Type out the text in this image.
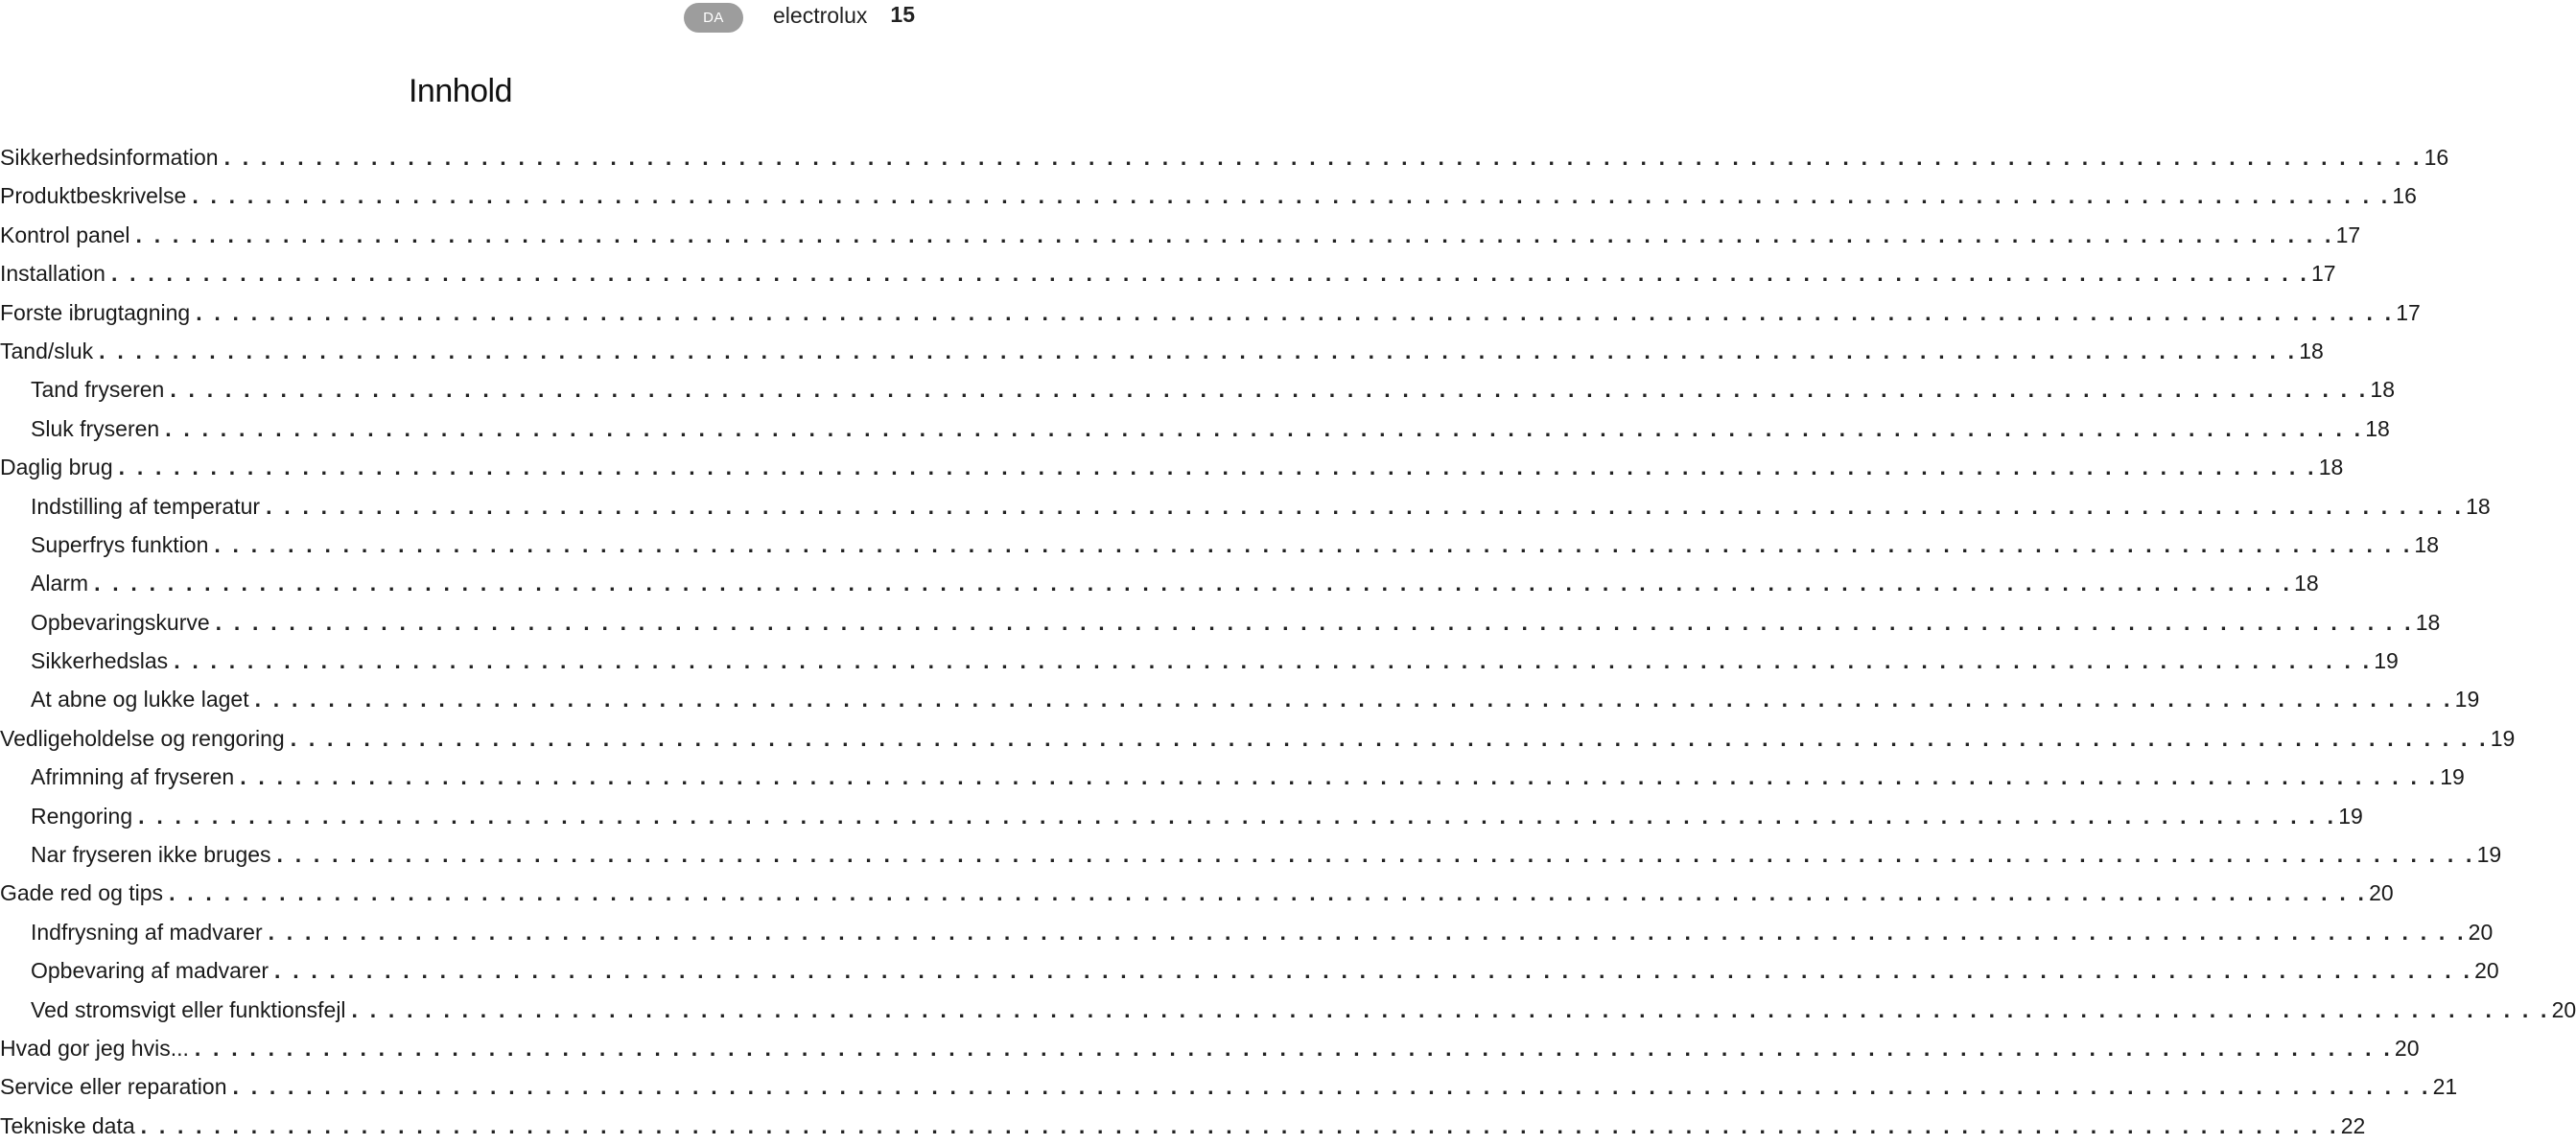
DA	electrolux 15
Innhold
Sikkerhedsinformation . . . . . . . . . . . . . . . . . . . . . . . . . . . . . . . . . . . . . . . . . . . . . . . . . . . . . . . . . . . . . . . . . . . . . . . . . . . . . . . . . . . . . . . . . . . . . . . . . . . . . . . . . . . . . . . . . . . . . . . . 16
Produktbeskrivelse . . . . . . . . . . . . . . . . . . . . . . . . . . . . . . . . . . . . . . . . . . . . . . . . . . . . . . . . . . . . . . . . . . . . . . . . . . . . . . . . . . . . . . . . . . . . . . . . . . . . . . . . . . . . . . . . . . . . . . . . 16
Kontrol panel . . . . . . . . . . . . . . . . . . . . . . . . . . . . . . . . . . . . . . . . . . . . . . . . . . . . . . . . . . . . . . . . . . . . . . . . . . . . . . . . . . . . . . . . . . . . . . . . . . . . . . . . . . . . . . . . . . . . . . . . 17
Installation . . . . . . . . . . . . . . . . . . . . . . . . . . . . . . . . . . . . . . . . . . . . . . . . . . . . . . . . . . . . . . . . . . . . . . . . . . . . . . . . . . . . . . . . . . . . . . . . . . . . . . . . . . . . . . . . . . . . . . . . 17
Forste ibrugtagning . . . . . . . . . . . . . . . . . . . . . . . . . . . . . . . . . . . . . . . . . . . . . . . . . . . . . . . . . . . . . . . . . . . . . . . . . . . . . . . . . . . . . . . . . . . . . . . . . . . . . . . . . . . . . . . . . . . . . . . . 17
Tand/sluk . . . . . . . . . . . . . . . . . . . . . . . . . . . . . . . . . . . . . . . . . . . . . . . . . . . . . . . . . . . . . . . . . . . . . . . . . . . . . . . . . . . . . . . . . . . . . . . . . . . . . . . . . . . . . . . . . . . . . . . . 18
Tand fryseren . . . . . . . . . . . . . . . . . . . . . . . . . . . . . . . . . . . . . . . . . . . . . . . . . . . . . . . . . . . . . . . . . . . . . . . . . . . . . . . . . . . . . . . . . . . . . . . . . . . . . . . . . . . . . . . . . . . . . . . . 18
Sluk fryseren . . . . . . . . . . . . . . . . . . . . . . . . . . . . . . . . . . . . . . . . . . . . . . . . . . . . . . . . . . . . . . . . . . . . . . . . . . . . . . . . . . . . . . . . . . . . . . . . . . . . . . . . . . . . . . . . . . . . . . . . 18
Daglig brug . . . . . . . . . . . . . . . . . . . . . . . . . . . . . . . . . . . . . . . . . . . . . . . . . . . . . . . . . . . . . . . . . . . . . . . . . . . . . . . . . . . . . . . . . . . . . . . . . . . . . . . . . . . . . . . . . . . . . . . . 18
Indstilling af temperatur . . . . . . . . . . . . . . . . . . . . . . . . . . . . . . . . . . . . . . . . . . . . . . . . . . . . . . . . . . . . . . . . . . . . . . . . . . . . . . . . . . . . . . . . . . . . . . . . . . . . . . . . . . . . . . . . . . . . . . . . 18
Superfrys funktion . . . . . . . . . . . . . . . . . . . . . . . . . . . . . . . . . . . . . . . . . . . . . . . . . . . . . . . . . . . . . . . . . . . . . . . . . . . . . . . . . . . . . . . . . . . . . . . . . . . . . . . . . . . . . . . . . . . . . . . . 18
Alarm . . . . . . . . . . . . . . . . . . . . . . . . . . . . . . . . . . . . . . . . . . . . . . . . . . . . . . . . . . . . . . . . . . . . . . . . . . . . . . . . . . . . . . . . . . . . . . . . . . . . . . . . . . . . . . . . . . . . . . . . 18
Opbevaringskurve . . . . . . . . . . . . . . . . . . . . . . . . . . . . . . . . . . . . . . . . . . . . . . . . . . . . . . . . . . . . . . . . . . . . . . . . . . . . . . . . . . . . . . . . . . . . . . . . . . . . . . . . . . . . . . . . . . . . . . . . 18
Sikkerhedslas . . . . . . . . . . . . . . . . . . . . . . . . . . . . . . . . . . . . . . . . . . . . . . . . . . . . . . . . . . . . . . . . . . . . . . . . . . . . . . . . . . . . . . . . . . . . . . . . . . . . . . . . . . . . . . . . . . . . . . . . 19
At abne og lukke laget . . . . . . . . . . . . . . . . . . . . . . . . . . . . . . . . . . . . . . . . . . . . . . . . . . . . . . . . . . . . . . . . . . . . . . . . . . . . . . . . . . . . . . . . . . . . . . . . . . . . . . . . . . . . . . . . . . . . . . . . 19
Vedligeholdelse og rengoring . . . . . . . . . . . . . . . . . . . . . . . . . . . . . . . . . . . . . . . . . . . . . . . . . . . . . . . . . . . . . . . . . . . . . . . . . . . . . . . . . . . . . . . . . . . . . . . . . . . . . . . . . . . . . . . . . . . . . . . . 19
Afrimning af fryseren . . . . . . . . . . . . . . . . . . . . . . . . . . . . . . . . . . . . . . . . . . . . . . . . . . . . . . . . . . . . . . . . . . . . . . . . . . . . . . . . . . . . . . . . . . . . . . . . . . . . . . . . . . . . . . . . . . . . . . . . 19
Rengoring . . . . . . . . . . . . . . . . . . . . . . . . . . . . . . . . . . . . . . . . . . . . . . . . . . . . . . . . . . . . . . . . . . . . . . . . . . . . . . . . . . . . . . . . . . . . . . . . . . . . . . . . . . . . . . . . . . . . . . . . 19
Nar fryseren ikke bruges . . . . . . . . . . . . . . . . . . . . . . . . . . . . . . . . . . . . . . . . . . . . . . . . . . . . . . . . . . . . . . . . . . . . . . . . . . . . . . . . . . . . . . . . . . . . . . . . . . . . . . . . . . . . . . . . . . . . . . . . 19
Gade red og tips . . . . . . . . . . . . . . . . . . . . . . . . . . . . . . . . . . . . . . . . . . . . . . . . . . . . . . . . . . . . . . . . . . . . . . . . . . . . . . . . . . . . . . . . . . . . . . . . . . . . . . . . . . . . . . . . . . . . . . . . 20
Indfrysning af madvarer . . . . . . . . . . . . . . . . . . . . . . . . . . . . . . . . . . . . . . . . . . . . . . . . . . . . . . . . . . . . . . . . . . . . . . . . . . . . . . . . . . . . . . . . . . . . . . . . . . . . . . . . . . . . . . . . . . . . . . . . 20
Opbevaring af madvarer . . . . . . . . . . . . . . . . . . . . . . . . . . . . . . . . . . . . . . . . . . . . . . . . . . . . . . . . . . . . . . . . . . . . . . . . . . . . . . . . . . . . . . . . . . . . . . . . . . . . . . . . . . . . . . . . . . . . . . . . 20
Ved stromsvigt eller funktionsfejl . . . . . . . . . . . . . . . . . . . . . . . . . . . . . . . . . . . . . . . . . . . . . . . . . . . . . . . . . . . . . . . . . . . . . . . . . . . . . . . . . . . . . . . . . . . . . . . . . . . . . . . . . . . . . . . . . . . . . . . . 20
Hvad gor jeg hvis... . . . . . . . . . . . . . . . . . . . . . . . . . . . . . . . . . . . . . . . . . . . . . . . . . . . . . . . . . . . . . . . . . . . . . . . . . . . . . . . . . . . . . . . . . . . . . . . . . . . . . . . . . . . . . . . . . . . . . . . . 20
Service eller reparation . . . . . . . . . . . . . . . . . . . . . . . . . . . . . . . . . . . . . . . . . . . . . . . . . . . . . . . . . . . . . . . . . . . . . . . . . . . . . . . . . . . . . . . . . . . . . . . . . . . . . . . . . . . . . . . . . . . . . . . . 21
Tekniske data . . . . . . . . . . . . . . . . . . . . . . . . . . . . . . . . . . . . . . . . . . . . . . . . . . . . . . . . . . . . . . . . . . . . . . . . . . . . . . . . . . . . . . . . . . . . . . . . . . . . . . . . . . . . . . . . . . . . . . . . 22
